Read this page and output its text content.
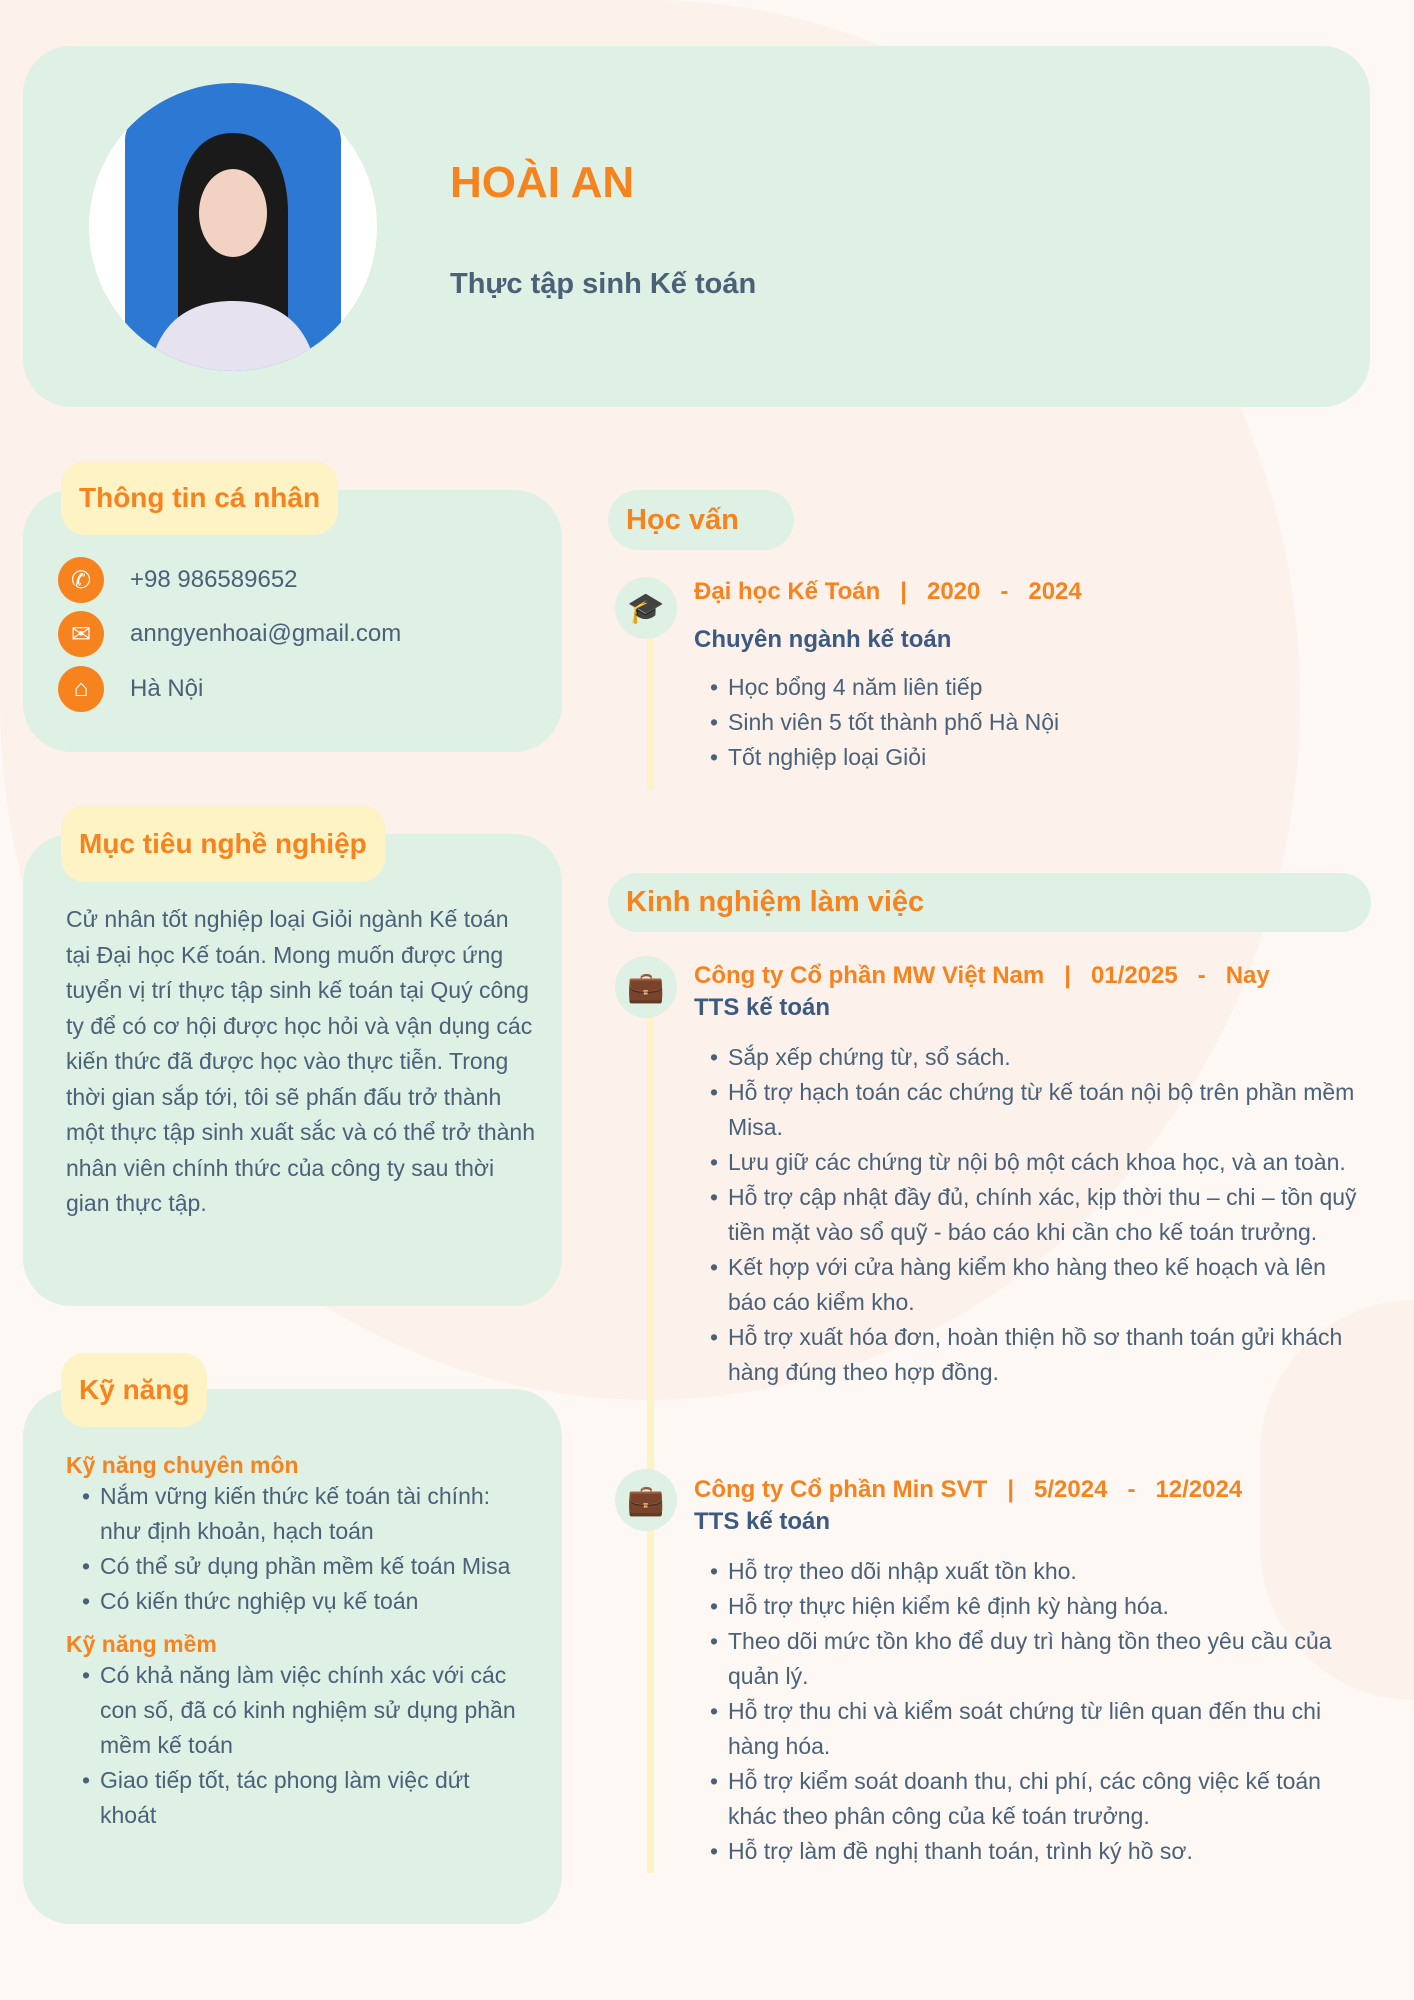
HOÀI AN
Thực tập sinh Kế toán
Thông tin cá nhân
✆	+98 986589652
✉	anngyenhoai@gmail.com
⌂	Hà Nội
Mục tiêu nghề nghiệp
Cử nhân tốt nghiệp loại Giỏi ngành Kế toán tại Đại học Kế toán. Mong muốn được ứng tuyển vị trí thực tập sinh kế toán tại Quý công ty để có cơ hội được học hỏi và vận dụng các kiến thức đã được học vào thực tiễn. Trong thời gian sắp tới, tôi sẽ phấn đấu trở thành một thực tập sinh xuất sắc và có thể trở thành nhân viên chính thức của công ty sau thời gian thực tập.
Kỹ năng
Kỹ năng chuyên môn
• Nắm vững kiến thức kế toán tài chính: như định khoản, hạch toán
• Có thể sử dụng phần mềm kế toán Misa
• Có kiến thức nghiệp vụ kế toán
Kỹ năng mềm
• Có khả năng làm việc chính xác với các con số, đã có kinh nghiệm sử dụng phần mềm kế toán
• Giao tiếp tốt, tác phong làm việc dứt khoát
Học vấn
🎓	Đại học Kế Toán | 2020 - 2024
Chuyên ngành kế toán
• Học bổng 4 năm liên tiếp
• Sinh viên 5 tốt thành phố Hà Nội
• Tốt nghiệp loại Giỏi
Kinh nghiệm làm việc
💼	Công ty Cổ phần MW Việt Nam | 01/2025 - Nay
TTS kế toán
• Sắp xếp chứng từ, sổ sách.
• Hỗ trợ hạch toán các chứng từ kế toán nội bộ trên phần mềm Misa.
• Lưu giữ các chứng từ nội bộ một cách khoa học, và an toàn.
• Hỗ trợ cập nhật đầy đủ, chính xác, kịp thời thu – chi – tồn quỹ tiền mặt vào sổ quỹ - báo cáo khi cần cho kế toán trưởng.
• Kết hợp với cửa hàng kiểm kho hàng theo kế hoạch và lên báo cáo kiểm kho.
• Hỗ trợ xuất hóa đơn, hoàn thiện hồ sơ thanh toán gửi khách hàng đúng theo hợp đồng.
💼	Công ty Cổ phần Min SVT | 5/2024 - 12/2024
TTS kế toán
• Hỗ trợ theo dõi nhập xuất tồn kho.
• Hỗ trợ thực hiện kiểm kê định kỳ hàng hóa.
• Theo dõi mức tồn kho để duy trì hàng tồn theo yêu cầu của quản lý.
• Hỗ trợ thu chi và kiểm soát chứng từ liên quan đến thu chi hàng hóa.
• Hỗ trợ kiểm soát doanh thu, chi phí, các công việc kế toán khác theo phân công của kế toán trưởng.
• Hỗ trợ làm đề nghị thanh toán, trình ký hồ sơ.
